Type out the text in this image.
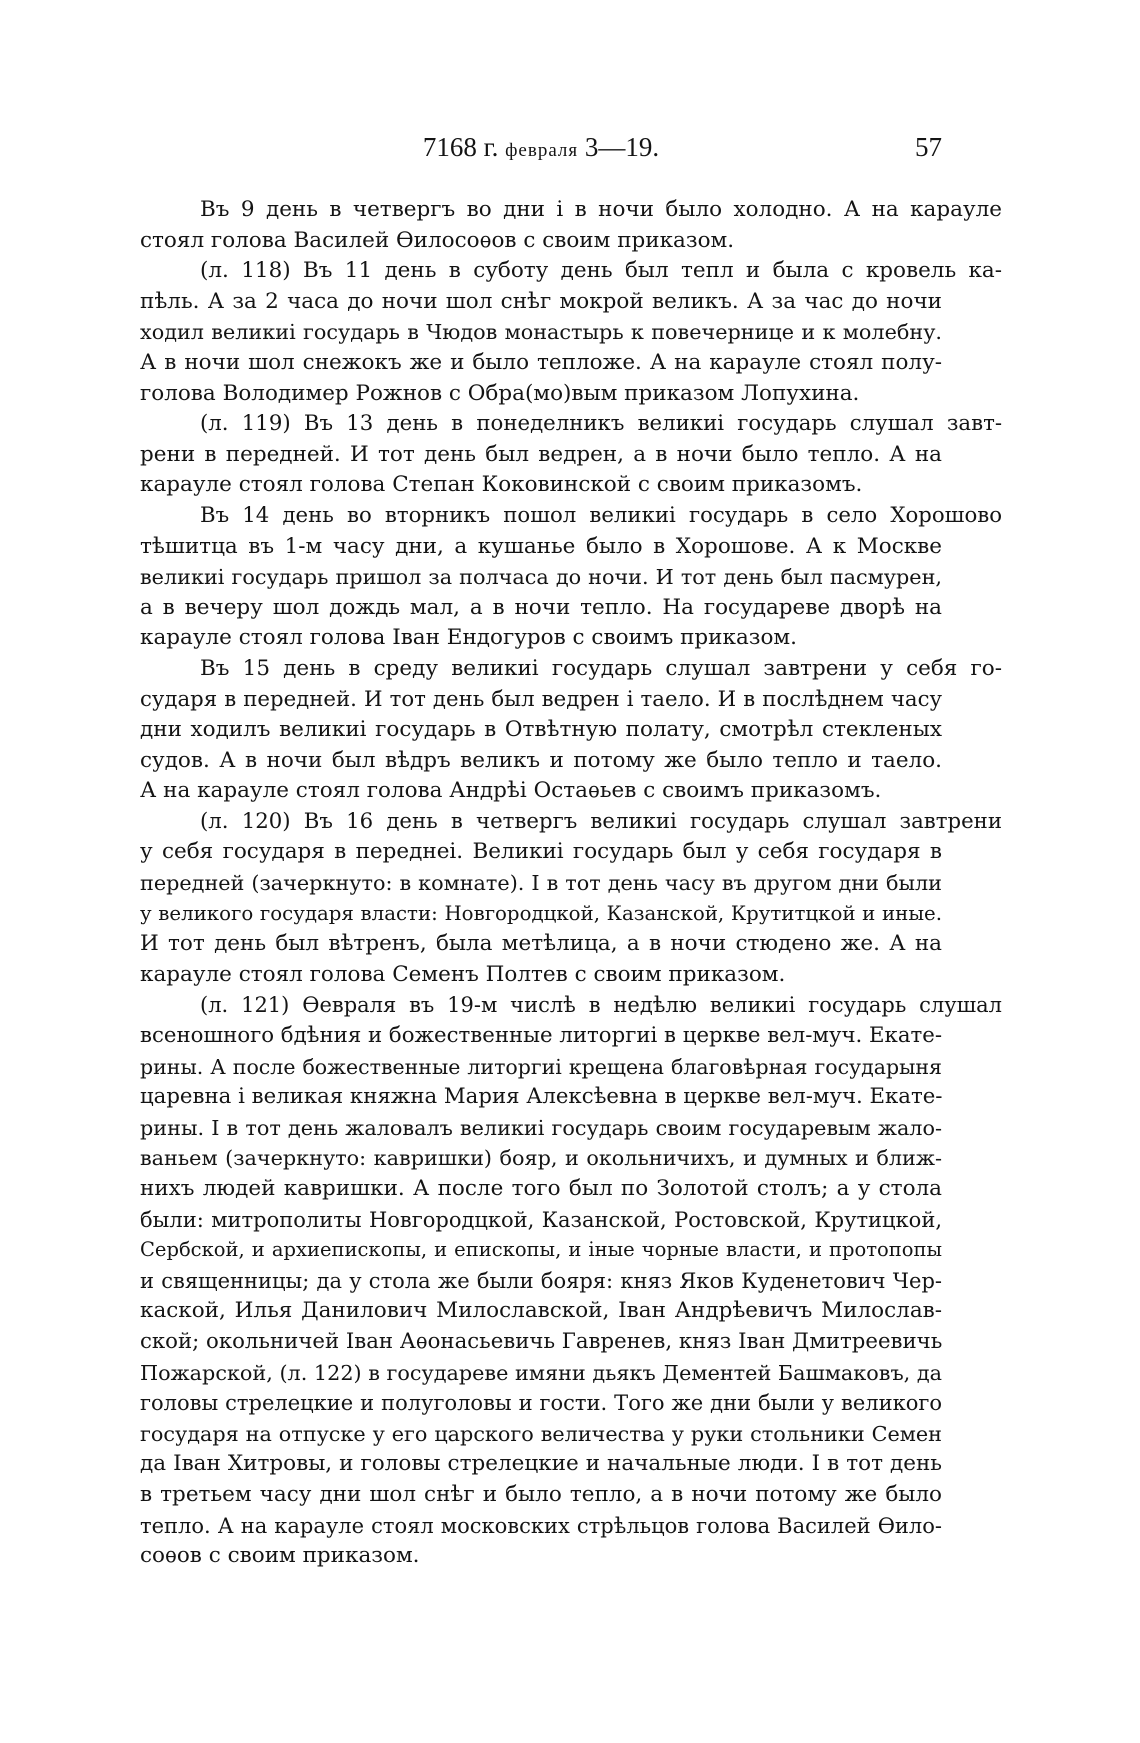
7168 г. февраля 3—19.	57
Въ 9 день в четвергъ во дни і в ночи было холодно. А на карауле
стоял голова Василей Ѳилосоѳов с своим приказом.
(л. 118) Въ 11 день в суботу день был тепл и была с кровель ка-
пѣль. А за 2 часа до ночи шол снѣг мокрой великъ. А за час до ночи
ходил великиі государь в Чюдов монастырь к повечернице и к молебну.
А в ночи шол снежокъ же и было тепложе. А на карауле стоял полу-
голова Володимер Рожнов с Обра(мо)вым приказом Лопухина.
(л. 119) Въ 13 день в понеделникъ великиі государь слушал завт-
рени в передней. И тот день был ведрен, а в ночи было тепло. А на
карауле стоял голова Степан Коковинской с своим приказомъ.
Въ 14 день во вторникъ пошол великиі государь в село Хорошово
тѣшитца въ 1-м часу дни, а кушанье было в Хорошове. А к Москве
великиі государь пришол за полчаса до ночи. И тот день был пасмурен,
а в вечеру шол дождь мал, а в ночи тепло. На государеве дворѣ на
карауле стоял голова Іван Ендогуров с своимъ приказом.
Въ 15 день в среду великиі государь слушал завтрени у себя го-
сударя в передней. И тот день был ведрен і таело. И в послѣднем часу
дни ходилъ великиі государь в Отвѣтную полату, смотрѣл стекленых
судов. А в ночи был вѣдръ великъ и потому же было тепло и таело.
А на карауле стоял голова Андрѣі Остаѳьев с своимъ приказомъ.
(л. 120) Въ 16 день в четвергъ великиі государь слушал завтрени
у себя государя в переднеі. Великиі государь был у себя государя в
передней (зачеркнуто: в комнате). І в тот день часу въ другом дни были
у великого государя власти: Новгородцкой, Казанской, Крутитцкой и иные.
И тот день был вѣтренъ, была метѣлица, а в ночи стюдено же. А на
карауле стоял голова Семенъ Полтев с своим приказом.
(л. 121) Ѳевраля въ 19-м числѣ в недѣлю великиі государь слушал
всеношного бдѣния и божественные литоргиі в церкве вел-муч. Екате-
рины. А после божественные литоргиі крещена благовѣрная государыня
царевна і великая княжна Мария Алексѣевна в церкве вел-муч. Екате-
рины. І в тот день жаловалъ великиі государь своим государевым жало-
ваньем (зачеркнуто: кавришки) бояр, и окольничихъ, и думных и ближ-
нихъ людей кавришки. А после того был по Золотой столъ; а у стола
были: митрополиты Новгородцкой, Казанской, Ростовской, Крутицкой,
Сербской, и архиепископы, и епископы, и іные чорные власти, и протопопы
и священницы; да у стола же были бояря: княз Яков Куденетович Чер-
каской, Илья Данилович Милославской, Іван Андрѣевичъ Милослав-
ской; окольничей Іван Аѳонасьевичь Гавренев, княз Іван Дмитреевичь
Пожарской, (л. 122) в государеве имяни дьякъ Дементей Башмаковъ, да
головы стрелецкие и полуголовы и гости. Того же дни были у великого
государя на отпуске у его царского величества у руки стольники Семен
да Іван Хитровы, и головы стрелецкие и начальные люди. І в тот день
в третьем часу дни шол снѣг и было тепло, а в ночи потому же было
тепло. А на карауле стоял московских стрѣльцов голова Василей Ѳило-
соѳов с своим приказом.
